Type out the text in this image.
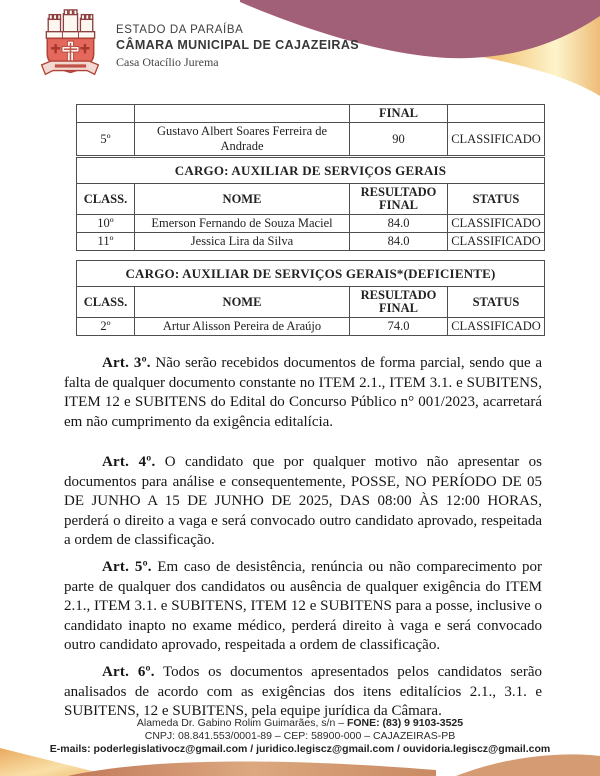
ESTADO DA PARAÍBA
CÂMARA MUNICIPAL DE CAJAZEIRAS
Casa Otacílio Jurema
		FINAL	
5º	Gustavo Albert Soares Ferreira de Andrade	90	CLASSIFICADO
CARGO: AUXILIAR DE SERVIÇOS GERAIS			
CLASS.	NOME	RESULTADO FINAL	STATUS
10º	Emerson Fernando de Souza Maciel	84.0	CLASSIFICADO
11º	Jessica Lira da Silva	84.0	CLASSIFICADO
CARGO: AUXILIAR DE SERVIÇOS GERAIS*(DEFICIENTE)			
CLASS.	NOME	RESULTADO FINAL	STATUS
2º	Artur Alisson Pereira de Araújo	74.0	CLASSIFICADO

Art. 3º. Não serão recebidos documentos de forma parcial, sendo que a falta de qualquer documento constante no ITEM 2.1., ITEM 3.1. e SUBITENS, ITEM 12 e SUBITENS do Edital do Concurso Público n° 001/2023, acarretará em não cumprimento da exigência editalícia.

Art. 4º. O candidato que por qualquer motivo não apresentar os documentos para análise e consequentemente, POSSE, NO PERÍODO DE 05 DE JUNHO A 15 DE JUNHO DE 2025, DAS 08:00 ÀS 12:00 HORAS, perderá o direito a vaga e será convocado outro candidato aprovado, respeitada a ordem de classificação.

Art. 5º. Em caso de desistência, renúncia ou não comparecimento por parte de qualquer dos candidatos ou ausência de qualquer exigência do ITEM 2.1., ITEM 3.1. e SUBITENS, ITEM 12 e SUBITENS para a posse, inclusive o candidato inapto no exame médico, perderá direito à vaga e será convocado outro candidato aprovado, respeitada a ordem de classificação.

Art. 6º. Todos os documentos apresentados pelos candidatos serão analisados de acordo com as exigências dos itens editalícios 2.1., 3.1. e SUBITENS, 12 e SUBITENS, pela equipe jurídica da Câmara.

Alameda Dr. Gabino Rolim Guimarães, s/n – FONE: (83) 9 9103-3525
CNPJ: 08.841.553/0001-89 – CEP: 58900-000 – CAJAZEIRAS-PB
E-mails: poderlegislativocz@gmail.com / juridico.legiscz@gmail.com / ouvidoria.legiscz@gmail.com
